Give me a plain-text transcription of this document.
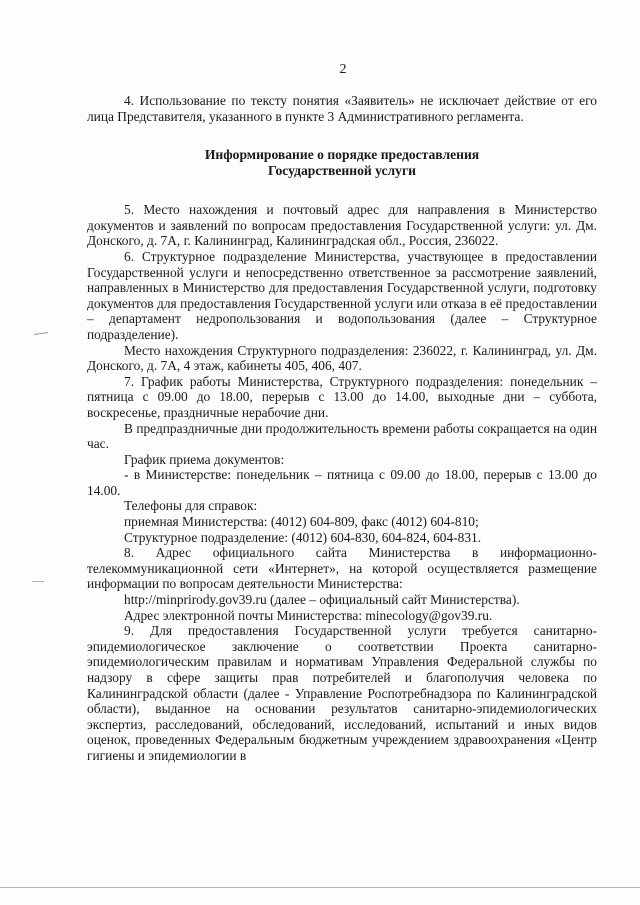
2

4. Использование по тексту понятия «Заявитель» не исключает действие от его лица Представителя, указанного в пункте 3 Административного регламента.

Информирование о порядке предоставления
Государственной услуги

5. Место нахождения и почтовый адрес для направления в Министерство документов и заявлений по вопросам предоставления Государственной услуги: ул. Дм. Донского, д. 7А, г. Калининград, Калининградская обл., Россия, 236022.

6. Структурное подразделение Министерства, участвующее в предоставлении Государственной услуги и непосредственно ответственное за рассмотрение заявлений, направленных в Министерство для предоставления Государственной услуги, подготовку документов для предоставления Государственной услуги или отказа в её предоставлении – департамент недропользования и водопользования (далее – Структурное подразделение).

Место нахождения Структурного подразделения: 236022, г. Калининград, ул. Дм. Донского, д. 7А, 4 этаж, кабинеты 405, 406, 407.

7. График работы Министерства, Структурного подразделения: понедельник – пятница с 09.00 до 18.00, перерыв с 13.00 до 14.00, выходные дни – суббота, воскресенье, праздничные нерабочие дни.

В предпраздничные дни продолжительность времени работы сокращается на один час.

График приема документов:

- в Министерстве: понедельник – пятница с 09.00 до 18.00, перерыв с 13.00 до 14.00.

Телефоны для справок:

приемная Министерства: (4012) 604-809, факс (4012) 604-810;

Структурное подразделение: (4012) 604-830, 604-824, 604-831.

8. Адрес официального сайта Министерства в информационно-телекоммуникационной сети «Интернет», на которой осуществляется размещение информации по вопросам деятельности Министерства:

http://minprirody.gov39.ru (далее – официальный сайт Министерства).

Адрес электронной почты Министерства: minecology@gov39.ru.

9. Для предоставления Государственной услуги требуется санитарно-эпидемиологическое заключение о соответствии Проекта санитарно-эпидемиологическим правилам и нормативам Управления Федеральной службы по надзору в сфере защиты прав потребителей и благополучия человека по Калининградской области (далее - Управление Роспотребнадзора по Калининградской области), выданное на основании результатов санитарно-эпидемиологических экспертиз, расследований, обследований, исследований, испытаний и иных видов оценок, проведенных Федеральным бюджетным учреждением здравоохранения «Центр гигиены и эпидемиологии в
